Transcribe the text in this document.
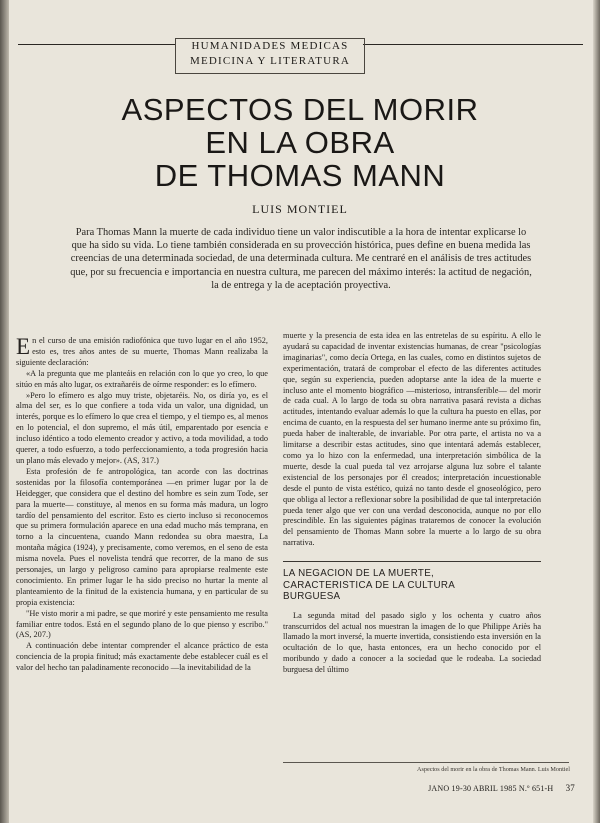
HUMANIDADES MEDICAS
MEDICINA Y LITERATURA
ASPECTOS DEL MORIR
EN LA OBRA
DE THOMAS MANN
LUIS MONTIEL
Para Thomas Mann la muerte de cada individuo tiene un valor indiscutible a la hora de intentar explicarse lo que ha sido su vida. Lo tiene también considerada en su provección histórica, pues define en buena medida las creencias de una determinada sociedad, de una determinada cultura. Me centraré en el análisis de tres actitudes que, por su frecuencia e importancia en nuestra cultura, me parecen del máximo interés: la actitud de negación, la de entrega y la de aceptación proyectiva.

En el curso de una emisión radiofónica que tuvo lugar en el año 1952, esto es, tres años antes de su muerte, Thomas Mann realizaba la siguiente declaración:

«A la pregunta que me planteáis en relación con lo que yo creo, lo que sitúo en más alto lugar, os extrañaréis de oírme responder: es lo efímero.

»Pero lo efímero es algo muy triste, objetaréis. No, os diría yo, es el alma del ser, es lo que confiere a toda vida un valor, una dignidad, un interés, porque es lo efímero lo que crea el tiempo, y el tiempo es, al menos en lo potencial, el don supremo, el más útil, emparentado por esencia e incluso idéntico a todo elemento creador y activo, a toda movilidad, a todo querer, a todo esfuerzo, a todo perfeccionamiento, a toda progresión hacia un plano más elevado y mejor». (AS, 317.)

Esta profesión de fe antropológica, tan acorde con las doctrinas sostenidas por la filosofía contemporánea —en primer lugar por la de Heidegger, que considera que el destino del hombre es sein zum Tode, ser para la muerte— constituye, al menos en su forma más madura, un logro tardío del pensamiento del escritor. Esto es cierto incluso si reconocemos que su primera formulación aparece en una edad mucho más temprana, en torno a la cincuentena, cuando Mann redondea su obra maestra, La montaña mágica (1924), y precisamente, como veremos, en el seno de esta misma novela. Pues el novelista tendrá que recorrer, de la mano de sus personajes, un largo y peligroso camino para apropiarse realmente este conocimiento. En primer lugar le ha sido preciso no hurtar la mente al planteamiento de la finitud de la existencia humana, y en particular de su propia existencia:

"He visto morir a mi padre, se que moriré y este pensamiento me resulta familiar entre todos. Está en el segundo plano de lo que pienso y escribo." (AS, 207.)

A continuación debe intentar comprender el alcance práctico de esta conciencia de la propia finitud; más exactamente debe establecer cuál es el valor del hecho tan paladinamente reconocido —la inevitabilidad de la

muerte y la presencia de esta idea en las entretelas de su espíritu. A ello le ayudará su capacidad de inventar existencias humanas, de crear "psicologías imaginarias", como decía Ortega, en las cuales, como en distintos sujetos de experimentación, tratará de comprobar el efecto de las diferentes actitudes que, según su experiencia, pueden adoptarse ante la idea de la muerte e incluso ante el momento biográfico —misterioso, intransferible— del morir de cada cual. A lo largo de toda su obra narrativa pasará revista a dichas actitudes, intentando evaluar además lo que la cultura ha puesto en ellas, por encima de cuanto, en la respuesta del ser humano inerme ante su próximo fin, pueda haber de inalterable, de invariable. Por otra parte, el artista no va a limitarse a describir estas actitudes, sino que intentará además establecer, como ya lo hizo con la enfermedad, una interpretación simbólica de la muerte, desde la cual pueda tal vez arrojarse alguna luz sobre el talante existencial de los personajes por él creados; interpretación incuestionable desde el punto de vista estético, quizá no tanto desde el gnoseológico, pero que obliga al lector a reflexionar sobre la posibilidad de que tal interpretación pueda tener algo que ver con una verdad desconocida, aunque no por ello prescindible. En las siguientes páginas trataremos de conocer la evolución del pensamiento de Thomas Mann sobre la muerte a lo largo de su obra narrativa.

LA NEGACION DE LA MUERTE,
CARACTERISTICA DE LA CULTURA
BURGUESA

La segunda mitad del pasado siglo y los ochenta y cuatro años transcurridos del actual nos muestran la imagen de lo que Philippe Ariès ha llamado la mort inversé, la muerte invertida, consistiendo esta inversión en la ocultación de lo que, hasta entonces, era un hecho conocido por el moribundo y dado a conocer a la sociedad que le rodeaba. La sociedad burguesa del último

Aspectos del morir en la obra de Thomas Mann. Luis Montiel
JANO 19-30 ABRIL 1985 N.º 651-H 37
